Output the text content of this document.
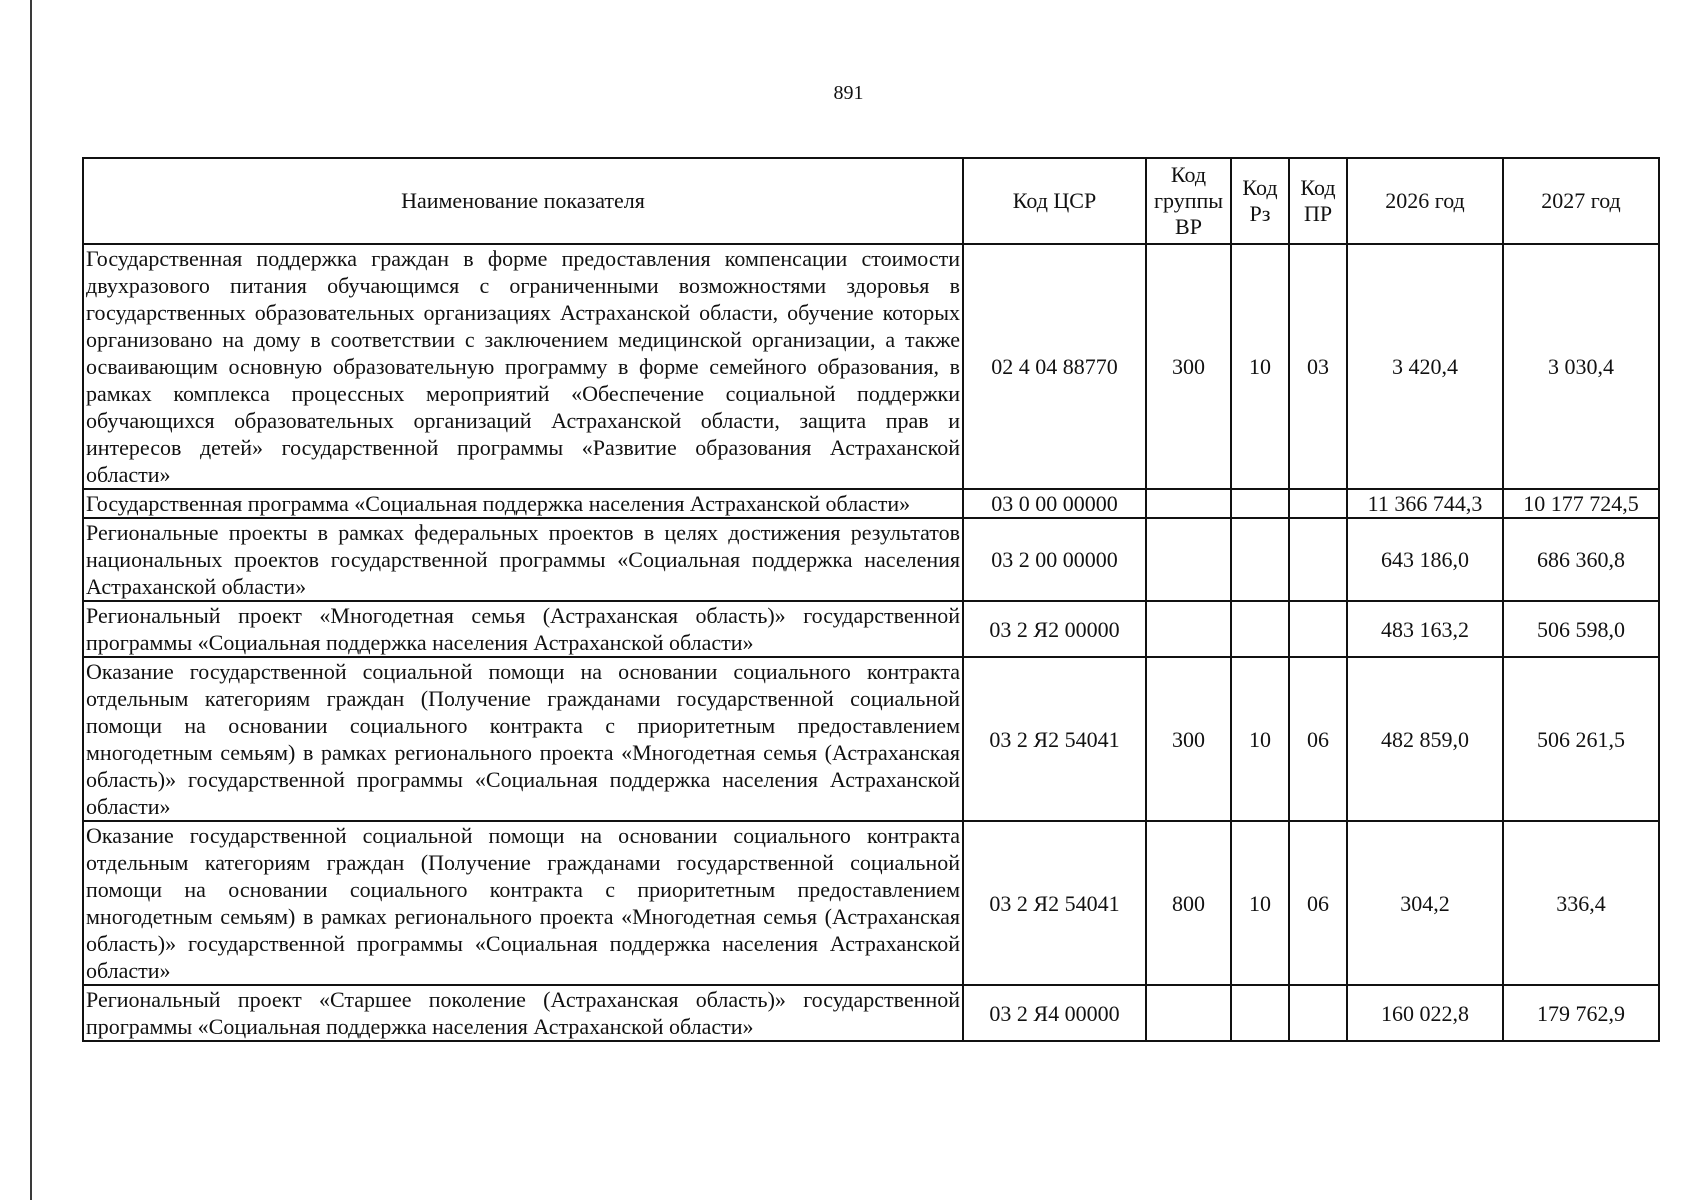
891
Наименование показателя	Код ЦСР	Код группы ВР	Код Рз	Код ПР	2026 год	2027 год
Государственная поддержка граждан в форме предоставления компенсации стоимости двухразового питания обучающимся с ограниченными возможностями здоровья в государственных образовательных организациях Астраханской области, обучение которых организовано на дому в соответствии с заключением медицинской организации, а также осваивающим основную образовательную программу в форме семейного образования, в рамках комплекса процессных мероприятий «Обеспечение социальной поддержки обучающихся образовательных организаций Астраханской области, защита прав и интересов детей» государственной программы «Развитие образования Астраханской области»	02 4 04 88770	300	10	03	3 420,4	3 030,4
Государственная программа «Социальная поддержка населения Астраханской области»	03 0 00 00000				11 366 744,3	10 177 724,5
Региональные проекты в рамках федеральных проектов в целях достижения результатов национальных проектов государственной программы «Социальная поддержка населения Астраханской области»	03 2 00 00000				643 186,0	686 360,8
Региональный проект «Многодетная семья (Астраханская область)» государственной программы «Социальная поддержка населения Астраханской области»	03 2 Я2 00000				483 163,2	506 598,0
Оказание государственной социальной помощи на основании социального контракта отдельным категориям граждан (Получение гражданами государственной социальной помощи на основании социального контракта с приоритетным предоставлением многодетным семьям) в рамках регионального проекта «Многодетная семья (Астраханская область)» государственной программы «Социальная поддержка населения Астраханской области»	03 2 Я2 54041	300	10	06	482 859,0	506 261,5
Оказание государственной социальной помощи на основании социального контракта отдельным категориям граждан (Получение гражданами государственной социальной помощи на основании социального контракта с приоритетным предоставлением многодетным семьям) в рамках регионального проекта «Многодетная семья (Астраханская область)» государственной программы «Социальная поддержка населения Астраханской области»	03 2 Я2 54041	800	10	06	304,2	336,4
Региональный проект «Старшее поколение (Астраханская область)» государственной программы «Социальная поддержка населения Астраханской области»	03 2 Я4 00000				160 022,8	179 762,9
